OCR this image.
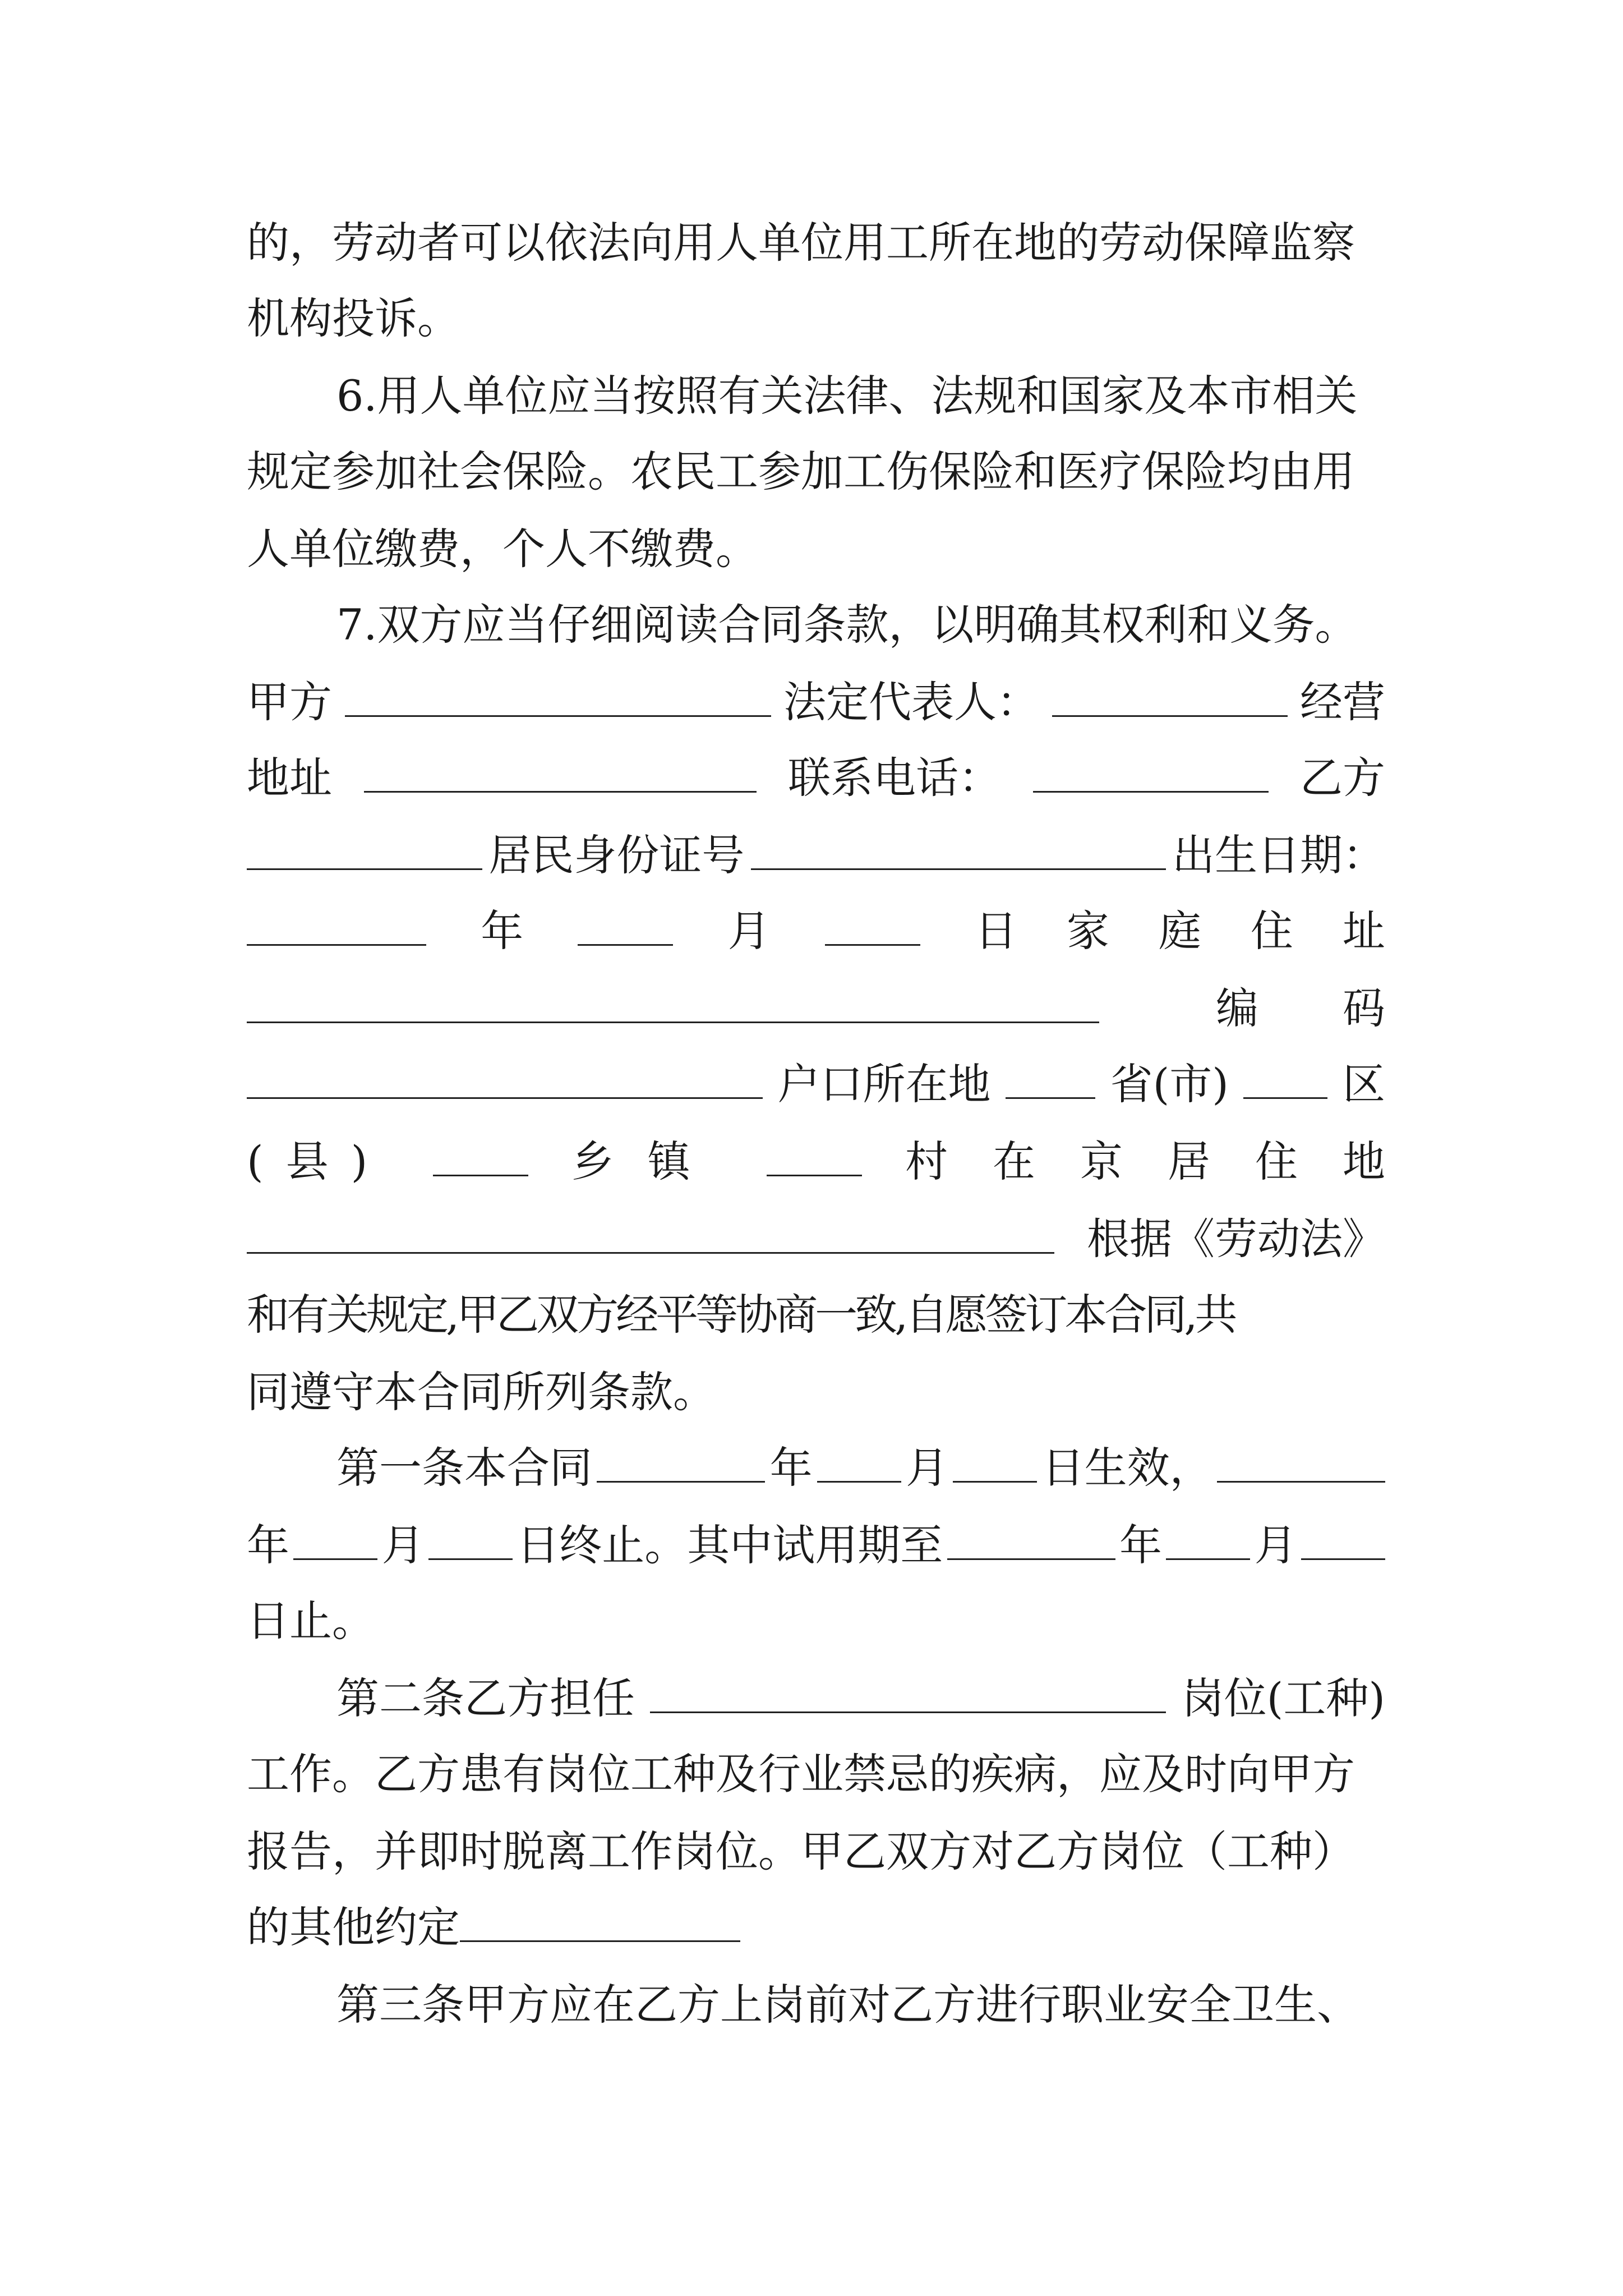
的，劳动者可以依法向用人单位用工所在地的劳动保障监察
机构投诉。
6.用人单位应当按照有关法律、法规和国家及本市相关
规定参加社会保险。农民工参加工伤保险和医疗保险均由用
人单位缴费，个人不缴费。
7.双方应当仔细阅读合同条款，以明确其权利和义务。
甲方	法定代表人：	经营
地址	联系电话：	乙方
居民身份证号	出生日期：
年	月	日家庭住址
编码
户口所在地	省(市)	区
(县)	乡镇	村在京居住地
根据《劳动法》
和有关规定,甲乙双方经平等协商一致,自愿签订本合同,共
同遵守本合同所列条款。
第一条本合同	年 月 日生效，
年 月 日终止。其中试用期至	年 月
日止。
第二条乙方担任	岗位(工种)
工作。乙方患有岗位工种及行业禁忌的疾病，应及时向甲方
报告，并即时脱离工作岗位。甲乙双方对乙方岗位（工种）
的其他约定
第三条甲方应在乙方上岗前对乙方进行职业安全卫生、
